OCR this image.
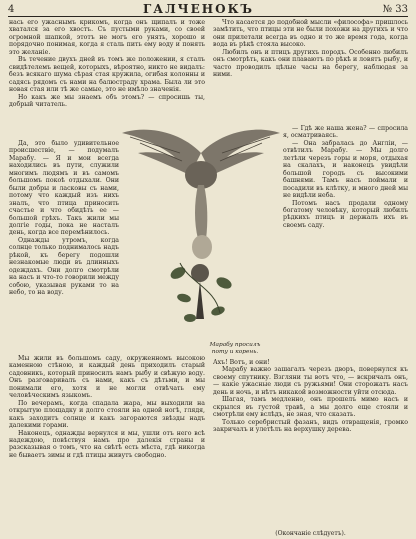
4	ГАЛЧЕНОКЪ	№ 33

нась его ужаснымъ крикомъ, когда онъ щипалъ и тоже хватался за его хвостъ. Съ пустыми руками, со своей огромной шапкой, этотъ не могъ его унять, хорошо и порядочно понимая, когда я сталь пить ему воду и понять это желаніе.

Въ течение двухъ дней въ томъ же положении, я сталъ свидѣтелемъ вещей, которыхъ, вѣроятно, никто не видалъ: безъ всякаго шума сѣрая стая кружила, огибая колонны и садясь рядомъ съ нами на балюстраду храма. Была ли это новая стая или тѣ же самые, это не имѣло значенія.

Но какъ же мы знаемъ объ этомъ? — спросишь ты, добрый читатель.

Да, это было удивительное происшествіе, — подумалъ Марабу. — Я и мои всегда находились въ пути, служили многимъ людямъ и въ самомъ большомъ покоѣ отдыхали. Они были добры и ласковы съ нами, потому что каждый изъ нихъ зналъ, что птица приносить счастье и что обидѣть ее — большой грѣхъ. Такъ жили мы долгіе годы, пока не насталъ день, когда все перемѣнилось.

Однажды утромъ, когда солнце только поднималось надъ рѣкой, къ берегу подошли незнакомые люди въ длинныхъ одеждахъ. Они долго смотрѣли на насъ и что-то говорили между собою, указывая руками то на небо, то на воду.

Мы жили въ большомъ саду, окруженномъ высокою каменною стѣною, и каждый день приходилъ старый садовникъ, который приносилъ намъ рыбу и свѣжую воду. Онъ разговаривалъ съ нами, какъ съ дѣтьми, и мы понимали его, хотя и не могли отвѣчать ему человѣческимъ языкомъ.

По вечерамъ, когда спадала жара, мы выходили на открытую площадку и долго стояли на одной ногѣ, глядя, какъ заходитъ солнце и какъ загораются звѣзды надъ далекими горами.

Наконецъ, однажды вернулся и мы, ушли отъ него всѣ надеждою, повѣствуя намъ про далекія страны и разсказывая о томъ, что на свѣтѣ есть мѣста, гдѣ никогда не бываетъ зимы и гдѣ птицы живутъ свободно.

Что касается до подобной мысли «философа» пришлось замѣтить, что птицы эти не были похожи на другихъ и что они прилетали всегда въ одно и то же время года, когда вода въ рѣкѣ стояла высоко.

Любилъ онъ и птицъ другихъ породъ. Особенно любилъ онъ смотрѣть, какъ они плаваютъ по рѣкѣ и ловятъ рыбу, и часто проводилъ цѣлые часы на берегу, наблюдая за ними.

— Гдѣ же наша жена? — спросила я, осматриваясь.

— Она забралась до Англіи, — отвѣтилъ Марабу. — Мы долго летѣли черезъ горы и моря, отдыхая на скалахъ, и наконецъ увидѣли большой городъ съ высокими башнями. Тамъ насъ поймали и посадили въ клѣтку, и много дней мы не видѣли неба.

Потомъ насъ продали одному богатому человѣку, который любилъ рѣдкихъ птицъ и держалъ ихъ въ своемъ саду.

Ахъ! Вотъ, и они!

Марабу важно зашагалъ черезъ дворъ, повернулся къ своему спутнику. Взгляни ты вотъ что, — вскричалъ онъ, — какіе ужасные люди съ ружьями! Они сторожатъ насъ день и ночь, и нѣтъ никакой возможности уйти отсюда.

Шагая, тамъ медленно, онъ прошелъ мимо насъ и скрылся въ густой травѣ, а мы долго еще стояли и смотрѣли ему вслѣдъ, не зная, что сказать.

Только серебристый фазанъ, видъ отвращенія, громко закричалъ и улетѣлъ на верхушку дерева.

Марабу просилъ поту и корень.
(Окончаніе слѣдуетъ).
